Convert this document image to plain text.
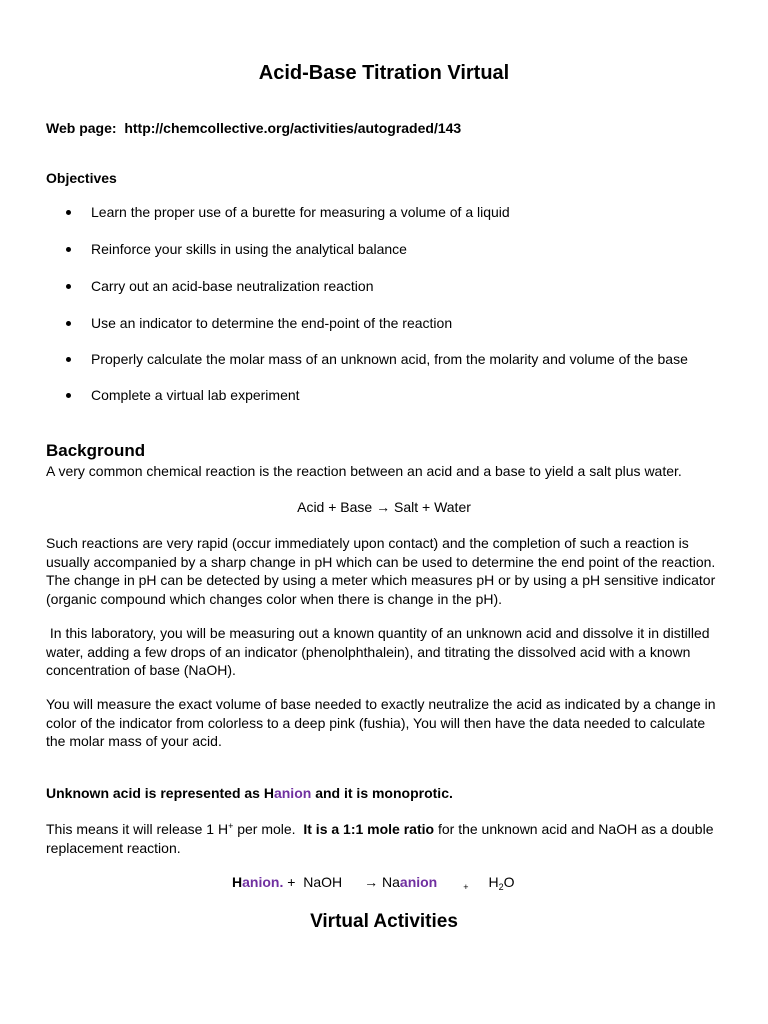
Acid-Base Titration Virtual

Web page: http://chemcollective.org/activities/autograded/143

Objectives

Learn the proper use of a burette for measuring a volume of a liquid
Reinforce your skills in using the analytical balance
Carry out an acid-base neutralization reaction
Use an indicator to determine the end-point of the reaction
Properly calculate the molar mass of an unknown acid, from the molarity and volume of the base
Complete a virtual lab experiment
Background

A very common chemical reaction is the reaction between an acid and a base to yield a salt plus water.

Acid + Base → Salt + Water

Such reactions are very rapid (occur immediately upon contact) and the completion of such a reaction is usually accompanied by a sharp change in pH which can be used to determine the end point of the reaction. The change in pH can be detected by using a meter which measures pH or by using a pH sensitive indicator (organic compound which changes color when there is change in the pH).

In this laboratory, you will be measuring out a known quantity of an unknown acid and dissolve it in distilled water, adding a few drops of an indicator (phenolphthalein), and titrating the dissolved acid with a known concentration of base (NaOH).

You will measure the exact volume of base needed to exactly neutralize the acid as indicated by a change in color of the indicator from colorless to a deep pink (fushia), You will then have the data needed to calculate the molar mass of your acid.

Unknown acid is represented as Hanion and it is monoprotic.

This means it will release 1 H+ per mole.  It is a 1:1 mole ratio for the unknown acid and NaOH as a double replacement reaction.

Hanion. +  NaOH → Naanion	$_+$ $H_2O$

Virtual Activities
